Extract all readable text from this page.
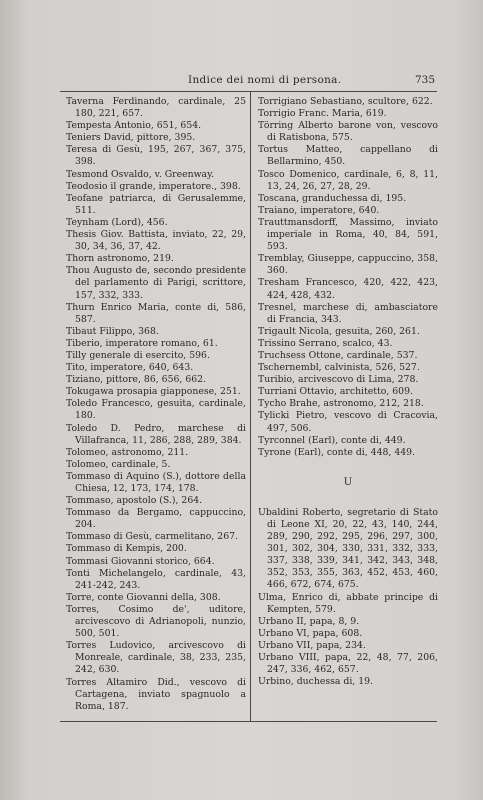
Indice dei nomi di persona.	735
Taverna Ferdinando, cardinale, 25 180, 221, 657.
Tempesta Antonio, 651, 654.
Teniers David, pittore, 395.
Teresa di Gesù, 195, 267, 367, 375, 398.
Tesmond Osvaldo, v. Greenway.
Teodosio il grande, imperatore., 398.
Teofane patriarca, di Gerusalemme, 511.
Teynham (Lord), 456.
Thesis Giov. Battista, inviato, 22, 29, 30, 34, 36, 37, 42.
Thorn astronomo, 219.
Thou Augusto de, secondo presidente del parlamento di Parigi, scrittore, 157, 332, 333.
Thurn Enrico Maria, conte di, 586, 587.
Tibaut Filippo, 368.
Tiberio, imperatore romano, 61.
Tilly generale di esercito, 596.
Tito, imperatore, 640, 643.
Tiziano, pittore, 86, 656, 662.
Tokugawa prosapia giapponese, 251.
Toledo Francesco, gesuita, cardinale, 180.
Toledo D. Pedro, marchese di Villafranca, 11, 286, 288, 289, 384.
Tolomeo, astronomo, 211.
Tolomeo, cardinale, 5.
Tommaso di Aquino (S.), dottore della Chiesa, 12, 173, 174, 178.
Tommaso, apostolo (S.), 264.
Tommaso da Bergamo, cappuccino, 204.
Tommaso di Gesù, carmelitano, 267.
Tommaso di Kempis, 200.
Tommasi Giovanni storico, 664.
Tonti Michelangelo, cardinale, 43, 241-242, 243.
Torre, conte Giovanni della, 308.
Torres, Cosimo de', uditore, arcivescovo di Adrianopoli, nunzio, 500, 501.
Torres Ludovico, arcivescovo di Monreale, cardinale, 38, 233, 235, 242, 630.
Torres Altamiro Did., vescovo di Cartagena, inviato spagnuolo a Roma, 187.
Torrigiano Sebastiano, scultore, 622.
Torrigio Franc. Maria, 619.
Törring Alberto barone von, vescovo di Ratisbona, 575.
Tortus Matteo, cappellano di Bellarmino, 450.
Tosco Domenico, cardinale, 6, 8, 11, 13, 24, 26, 27, 28, 29.
Toscana, granduchessa di, 195.
Traiano, imperatore, 640.
Trauttmansdorff, Massimo, inviato imperiale in Roma, 40, 84, 591, 593.
Tremblay, Giuseppe, cappuccino, 358, 360.
Tresham Francesco, 420, 422, 423, 424, 428, 432.
Tresnel, marchese di, ambasciatore di Francia, 343.
Trigault Nicola, gesuita, 260, 261.
Trissino Serrano, scalco, 43.
Truchsess Ottone, cardinale, 537.
Tschernembl, calvinista, 526, 527.
Turibio, arcivescovo di Lima, 278.
Turriani Ottavio, architetto, 609.
Tycho Brahe, astronomo, 212, 218.
Tylicki Pietro, vescovo di Cracovia, 497, 506.
Tyrconnel (Earl), conte di, 449.
Tyrone (Earl), conte di, 448, 449.
U
Ubaldini Roberto, segretario di Stato di Leone XI, 20, 22, 43, 140, 244, 289, 290, 292, 295, 296, 297, 300, 301, 302, 304, 330, 331, 332, 333, 337, 338, 339, 341, 342, 343, 348, 352, 353, 355, 363, 452, 453, 460, 466, 672, 674, 675.
Ulma, Enrico di, abbate principe di Kempten, 579.
Urbano II, papa, 8, 9.
Urbano VI, papa, 608.
Urbano VII, papa, 234.
Urbano VIII, papa, 22, 48, 77, 206, 247, 336, 462, 657.
Urbino, duchessa di, 19.
